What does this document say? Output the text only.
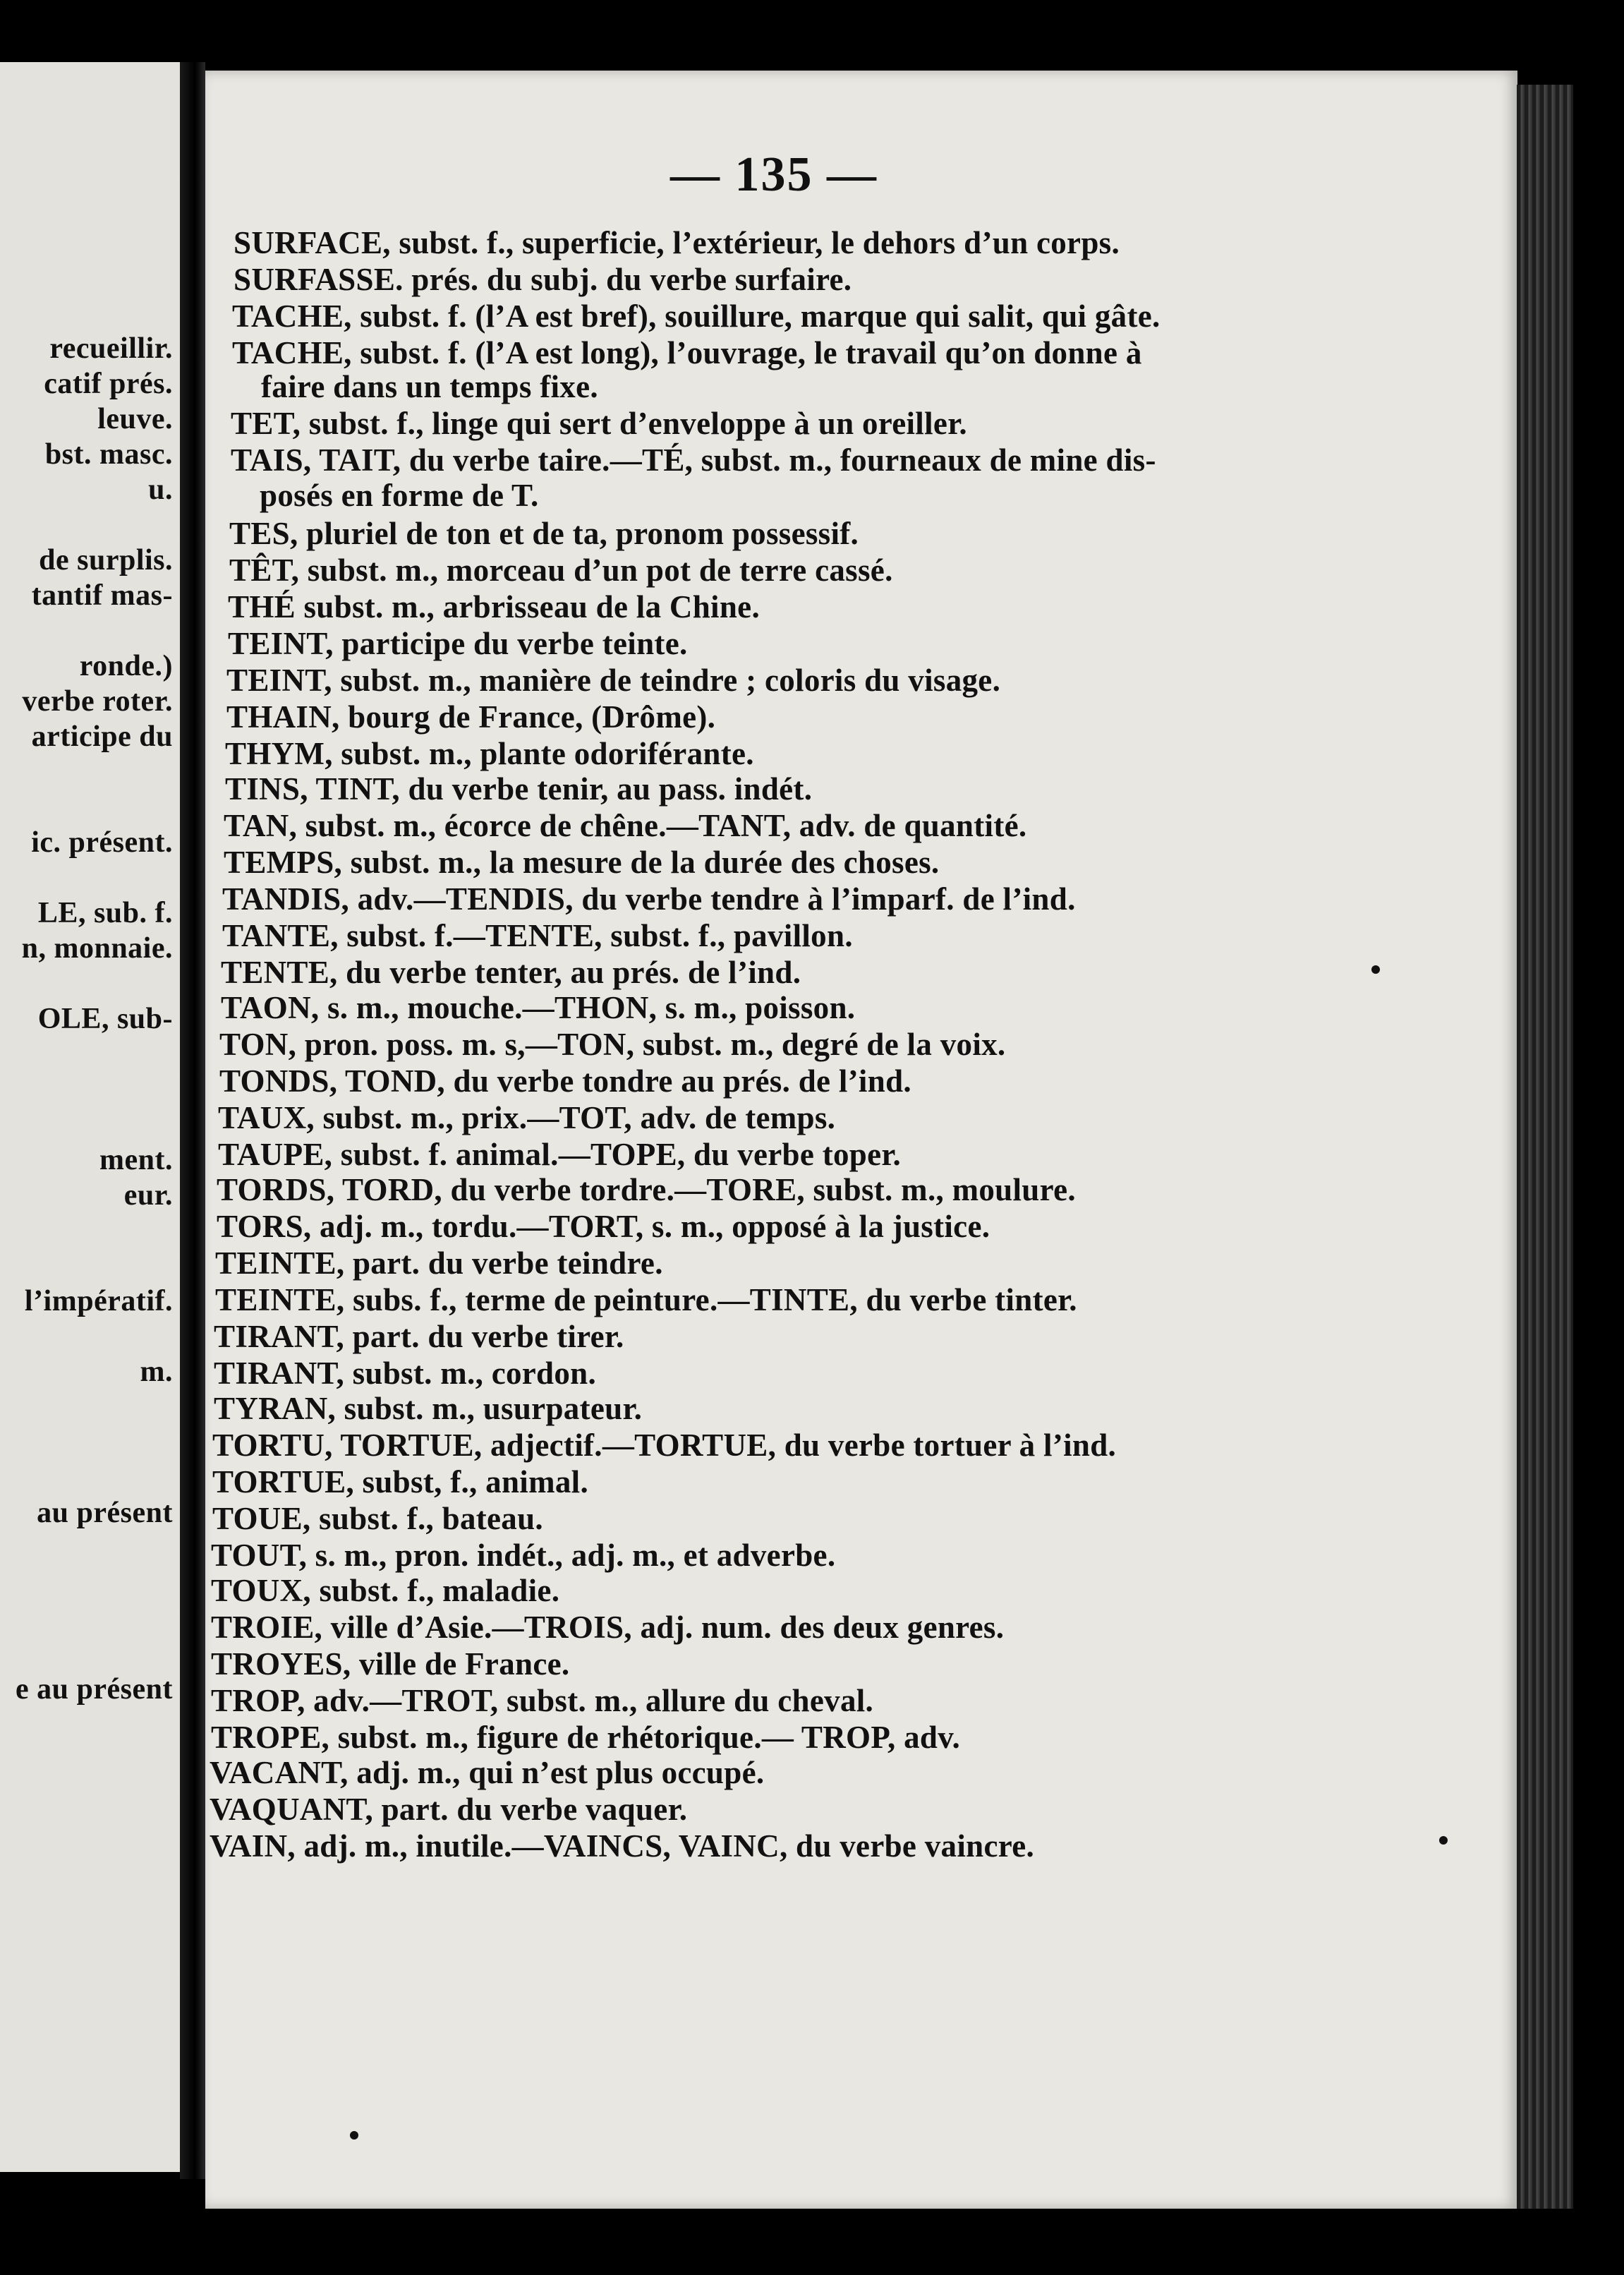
recueillir.
catif prés.
leuve.
bst. masc.
u.
de surplis.
tantif mas-
ronde.)
verbe roter.
articipe du
ic. présent.
LE, sub. f.
n, monnaie.
OLE, sub-
ment.
eur.
l’impératif.
m.
au présent
e au présent
— 135 —
SURFACE, subst. f., superficie, l’extérieur, le dehors d’un corps.
SURFASSE. prés. du subj. du verbe surfaire.
TACHE, subst. f. (l’A est bref), souillure, marque qui salit, qui gâte.
TACHE, subst. f. (l’A est long), l’ouvrage, le travail qu’on donne à
faire dans un temps fixe.
TET, subst. f., linge qui sert d’enveloppe à un oreiller.
TAIS, TAIT, du verbe taire.—TÉ, subst. m., fourneaux de mine dis-
posés en forme de T.
TES, pluriel de ton et de ta, pronom possessif.
TÊT, subst. m., morceau d’un pot de terre cassé.
THÉ subst. m., arbrisseau de la Chine.
TEINT, participe du verbe teinte.
TEINT, subst. m., manière de teindre ; coloris du visage.
THAIN, bourg de France, (Drôme).
THYM, subst. m., plante odoriférante.
TINS, TINT, du verbe tenir, au pass. indét.
TAN, subst. m., écorce de chêne.—TANT, adv. de quantité.
TEMPS, subst. m., la mesure de la durée des choses.
TANDIS, adv.—TENDIS, du verbe tendre à l’imparf. de l’ind.
TANTE, subst. f.—TENTE, subst. f., pavillon.
TENTE, du verbe tenter, au prés. de l’ind.
TAON, s. m., mouche.—THON, s. m., poisson.
TON, pron. poss. m. s,—TON, subst. m., degré de la voix.
TONDS, TOND, du verbe tondre au prés. de l’ind.
TAUX, subst. m., prix.—TOT, adv. de temps.
TAUPE, subst. f. animal.—TOPE, du verbe toper.
TORDS, TORD, du verbe tordre.—TORE, subst. m., moulure.
TORS, adj. m., tordu.—TORT, s. m., opposé à la justice.
TEINTE, part. du verbe teindre.
TEINTE, subs. f., terme de peinture.—TINTE, du verbe tinter.
TIRANT, part. du verbe tirer.
TIRANT, subst. m., cordon.
TYRAN, subst. m., usurpateur.
TORTU, TORTUE, adjectif.—TORTUE, du verbe tortuer à l’ind.
TORTUE, subst, f., animal.
TOUE, subst. f., bateau.
TOUT, s. m., pron. indét., adj. m., et adverbe.
TOUX, subst. f., maladie.
TROIE, ville d’Asie.—TROIS, adj. num. des deux genres.
TROYES, ville de France.
TROP, adv.—TROT, subst. m., allure du cheval.
TROPE, subst. m., figure de rhétorique.— TROP, adv.
VACANT, adj. m., qui n’est plus occupé.
VAQUANT, part. du verbe vaquer.
VAIN, adj. m., inutile.—VAINCS, VAINC, du verbe vaincre.
